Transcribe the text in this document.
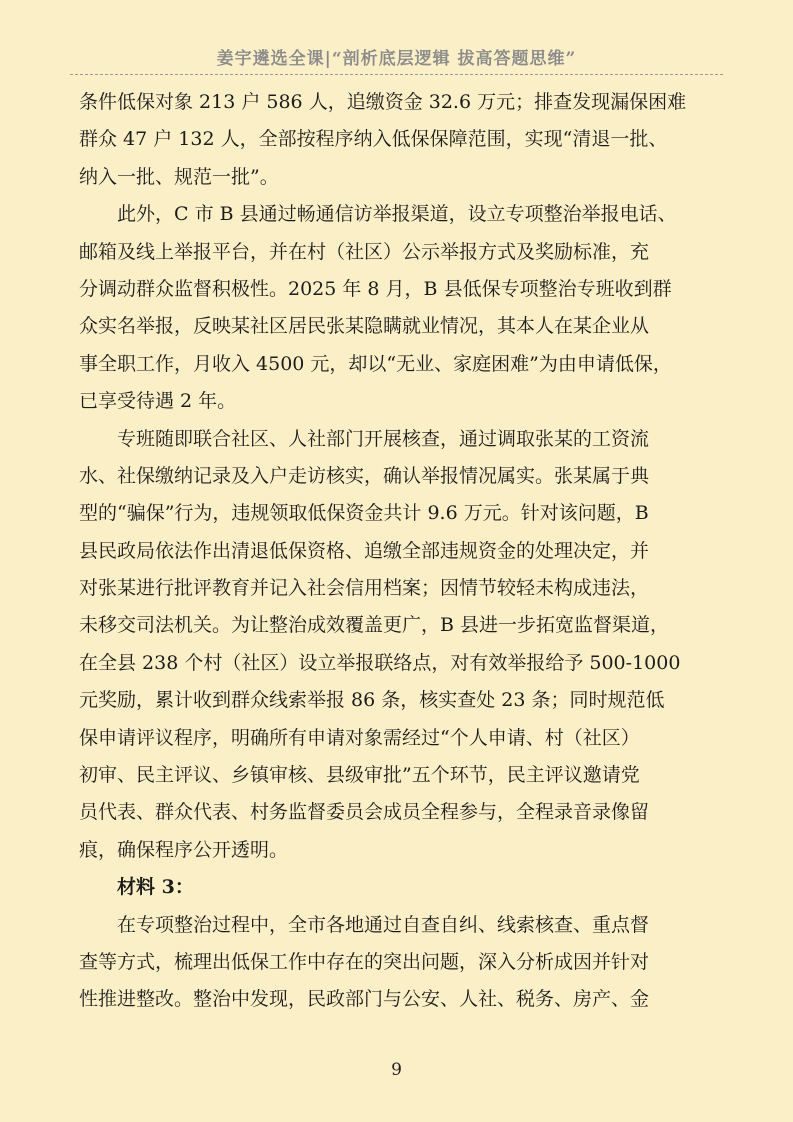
姜宇遴选全课|“剖析底层逻辑 拔高答题思维”
条件低保对象 213 户 586 人，追缴资金 32.6 万元；排查发现漏保困难
群众 47 户 132 人，全部按程序纳入低保保障范围，实现“清退一批、
纳入一批、规范一批”。
此外，C 市 B 县通过畅通信访举报渠道，设立专项整治举报电话、
邮箱及线上举报平台，并在村（社区）公示举报方式及奖励标准，充
分调动群众监督积极性。2025 年 8 月，B 县低保专项整治专班收到群
众实名举报，反映某社区居民张某隐瞒就业情况，其本人在某企业从
事全职工作，月收入 4500 元，却以“无业、家庭困难”为由申请低保，
已享受待遇 2 年。
专班随即联合社区、人社部门开展核查，通过调取张某的工资流
水、社保缴纳记录及入户走访核实，确认举报情况属实。张某属于典
型的“骗保”行为，违规领取低保资金共计 9.6 万元。针对该问题，B
县民政局依法作出清退低保资格、追缴全部违规资金的处理决定，并
对张某进行批评教育并记入社会信用档案；因情节较轻未构成违法，
未移交司法机关。为让整治成效覆盖更广，B 县进一步拓宽监督渠道，
在全县 238 个村（社区）设立举报联络点，对有效举报给予 500-1000
元奖励，累计收到群众线索举报 86 条，核实查处 23 条；同时规范低
保申请评议程序，明确所有申请对象需经过“个人申请、村（社区）
初审、民主评议、乡镇审核、县级审批”五个环节，民主评议邀请党
员代表、群众代表、村务监督委员会成员全程参与，全程录音录像留
痕，确保程序公开透明。
材料 3：
在专项整治过程中，全市各地通过自查自纠、线索核查、重点督
查等方式，梳理出低保工作中存在的突出问题，深入分析成因并针对
性推进整改。整治中发现，民政部门与公安、人社、税务、房产、金
9
